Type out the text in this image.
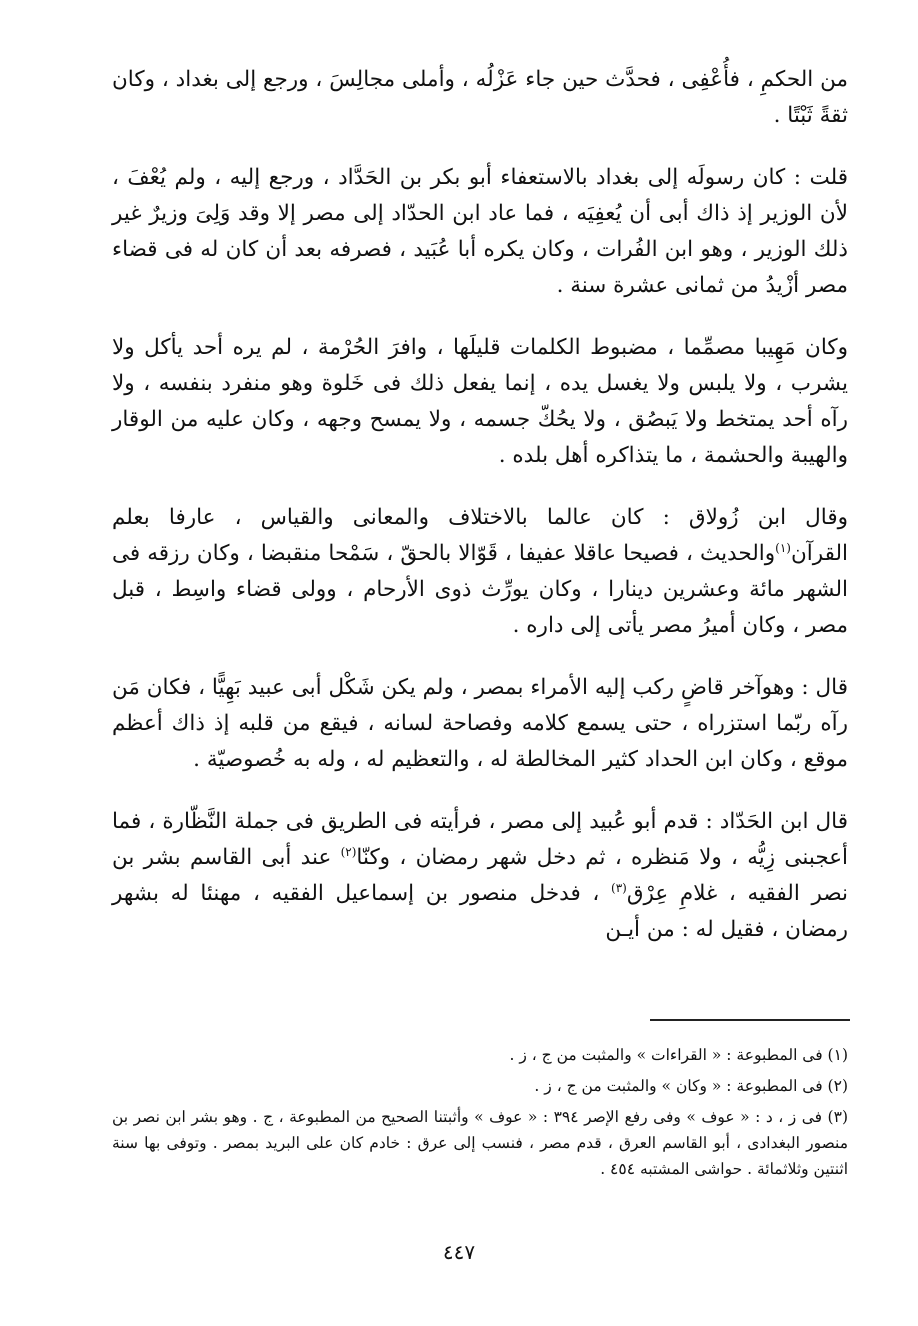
من الحكمِ ، فأُعْفِى ، فحدَّث حين جاء عَزْلُه ، وأملى مجالِسَ ، ورجع إلى بغداد ، وكان ثقةً ثَبْتًا .

قلت : كان رسولَه إلى بغداد بالاستعفاء أبو بكر بن الحَدَّاد ، ورجع إليه ، ولم يُعْفَ ، لأن الوزير إذ ذاك أبى أن يُعفِيَه ، فما عاد ابن الحدّاد إلى مصر إلا وقد وَلِىَ وزيرٌ غير ذلك الوزير ، وهو ابن الفُرات ، وكان يكره أبا عُبَيد ، فصرفه بعد أن كان له فى قضاء مصر أزْيدُ من ثمانى عشرة سنة .

وكان مَهِيبا مصمِّما ، مضبوط الكلمات قليلَها ، وافرَ الحُرْمة ، لم يره أحد يأكل ولا يشرب ، ولا يلبس ولا يغسل يده ، إنما يفعل ذلك فى خَلوة وهو منفرد بنفسه ، ولا رآه أحد يمتخط ولا يَبصُق ، ولا يحُكّ جسمه ، ولا يمسح وجهه ، وكان عليه من الوقار والهيبة والحشمة ، ما يتذاكره أهل بلده .

وقال ابن زُولاق : كان عالما بالاختلاف والمعانى والقياس ، عارفا بعلم القرآن$^{(١)}$والحديث ، فصيحا عاقلا عفيفا ، قَوّالا بالحقّ ، سَمْحا منقبضا ، وكان رزقه فى الشهر مائة وعشرين دينارا ، وكان يورِّث ذوى الأرحام ، وولى قضاء واسِط ، قبل مصر ، وكان أميرُ مصر يأتى إلى داره .

قال : وهوآخر قاضٍ ركب إليه الأمراء بمصر ، ولم يكن شَكْل أبى عبيد بَهِيًّا ، فكان مَن رآه ربّما استزراه ، حتى يسمع كلامه وفصاحة لسانه ، فيقع من قلبه إذ ذاك أعظم موقع ، وكان ابن الحداد كثير المخالطة له ، والتعظيم له ، وله به خُصوصيّة .

قال ابن الحَدّاد : قدم أبو عُبيد إلى مصر ، فرأيته فى الطريق فى جملة النَّظّارة ، فما أعجبنى زِيُّه ، ولا مَنظره ، ثم دخل شهر رمضان ، وكنّا$^{(٢)}$ عند أبى القاسم بشر بن نصر الفقيه ، غلامِ عِرْق$^{(٣)}$ ، فدخل منصور بن إسماعيل الفقيه ، مهنئا له بشهر رمضان ، فقيل له : من أيـن

(١) فى المطبوعة : « القراءات » والمثبت من ج ، ز .

(٢) فى المطبوعة : « وكان » والمثبت من ج ، ز .

(٣) فى ز ، د : « عوف » وفى رفع الإصر ٣٩٤ : « عوف » وأثبتنا الصحيح من المطبوعة ، ج . وهو بشر ابن نصر بن منصور البغدادى ، أبو القاسم العرق ، قدم مصر ، فنسب إلى عرق : خادم كان على البريد بمصر . وتوفى بها سنة اثنتين وثلاثمائة . حواشى المشتبه ٤٥٤ .

٤٤٧
